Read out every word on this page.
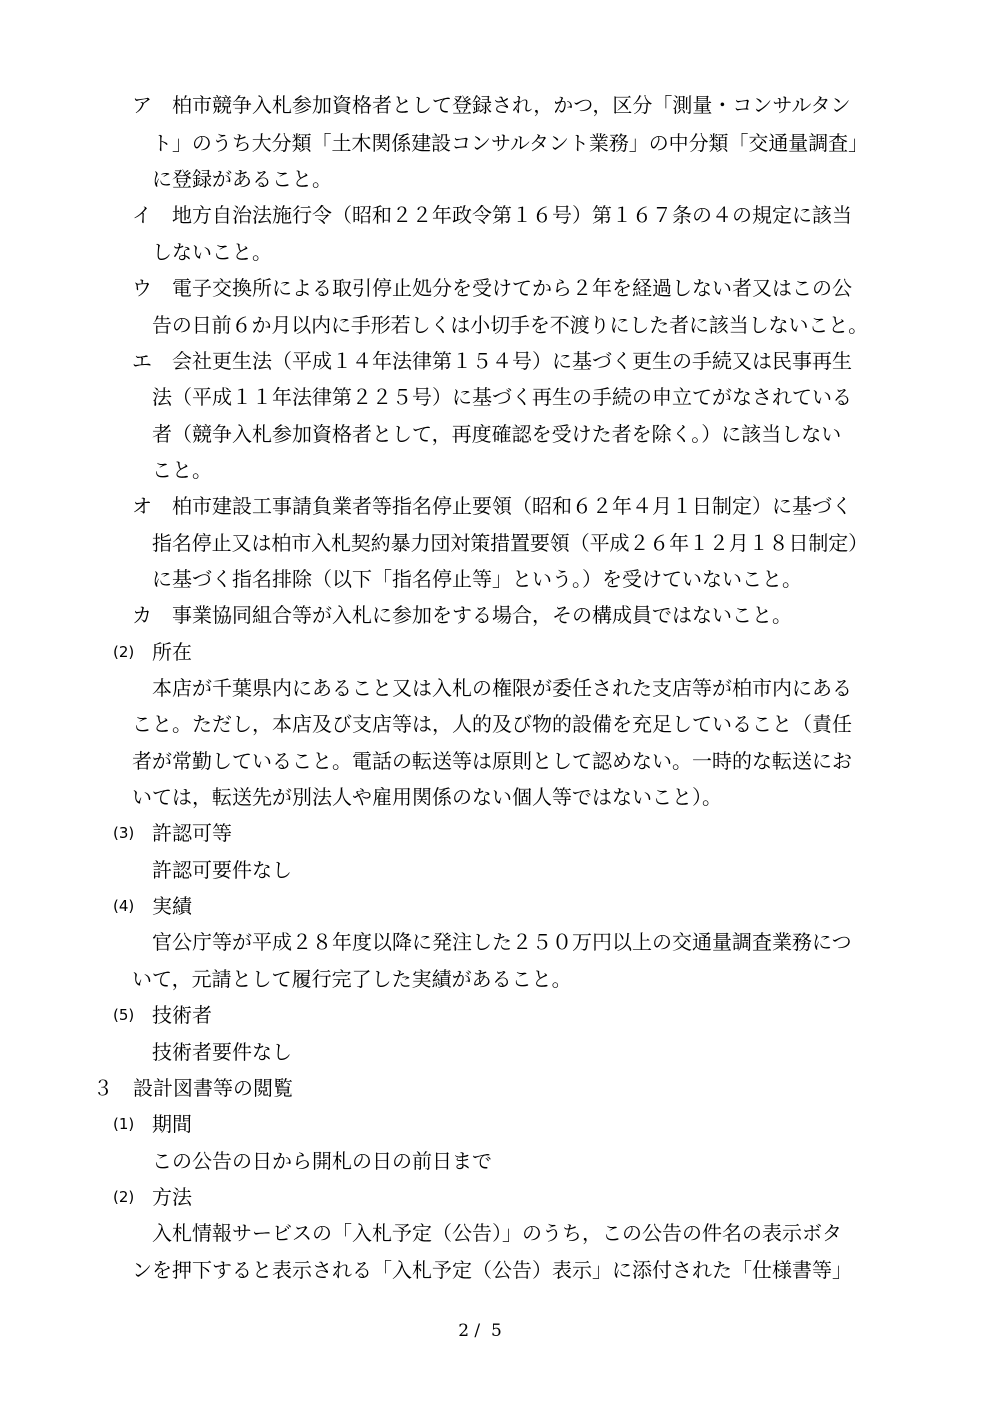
ア　柏市競争入札参加資格者として登録され，かつ，区分「測量・コンサルタン
ト」のうち大分類「土木関係建設コンサルタント業務」の中分類「交通量調査」
に登録があること。
イ　地方自治法施行令（昭和２２年政令第１６号）第１６７条の４の規定に該当
しないこと。
ウ　電子交換所による取引停止処分を受けてから２年を経過しない者又はこの公
告の日前６か月以内に手形若しくは小切手を不渡りにした者に該当しないこと。
エ　会社更生法（平成１４年法律第１５４号）に基づく更生の手続又は民事再生
法（平成１１年法律第２２５号）に基づく再生の手続の申立てがなされている
者（競争入札参加資格者として，再度確認を受けた者を除く。）に該当しない
こと。
オ　柏市建設工事請負業者等指名停止要領（昭和６２年４月１日制定）に基づく
指名停止又は柏市入札契約暴力団対策措置要領（平成２６年１２月１８日制定）
に基づく指名排除（以下「指名停止等」という。）を受けていないこと。
カ　事業協同組合等が入札に参加をする場合，その構成員ではないこと。
(2) 所在
本店が千葉県内にあること又は入札の権限が委任された支店等が柏市内にある
こと。ただし，本店及び支店等は，人的及び物的設備を充足していること（責任
者が常勤していること。電話の転送等は原則として認めない。一時的な転送にお
いては，転送先が別法人や雇用関係のない個人等ではないこと）。
(3) 許認可等
許認可要件なし
(4) 実績
官公庁等が平成２８年度以降に発注した２５０万円以上の交通量調査業務につ
いて，元請として履行完了した実績があること。
(5) 技術者
技術者要件なし
３　設計図書等の閲覧
(1) 期間
この公告の日から開札の日の前日まで
(2) 方法
入札情報サービスの「入札予定（公告）」のうち，この公告の件名の表示ボタ
ンを押下すると表示される「入札予定（公告）表示」に添付された「仕様書等」
2 /  5
